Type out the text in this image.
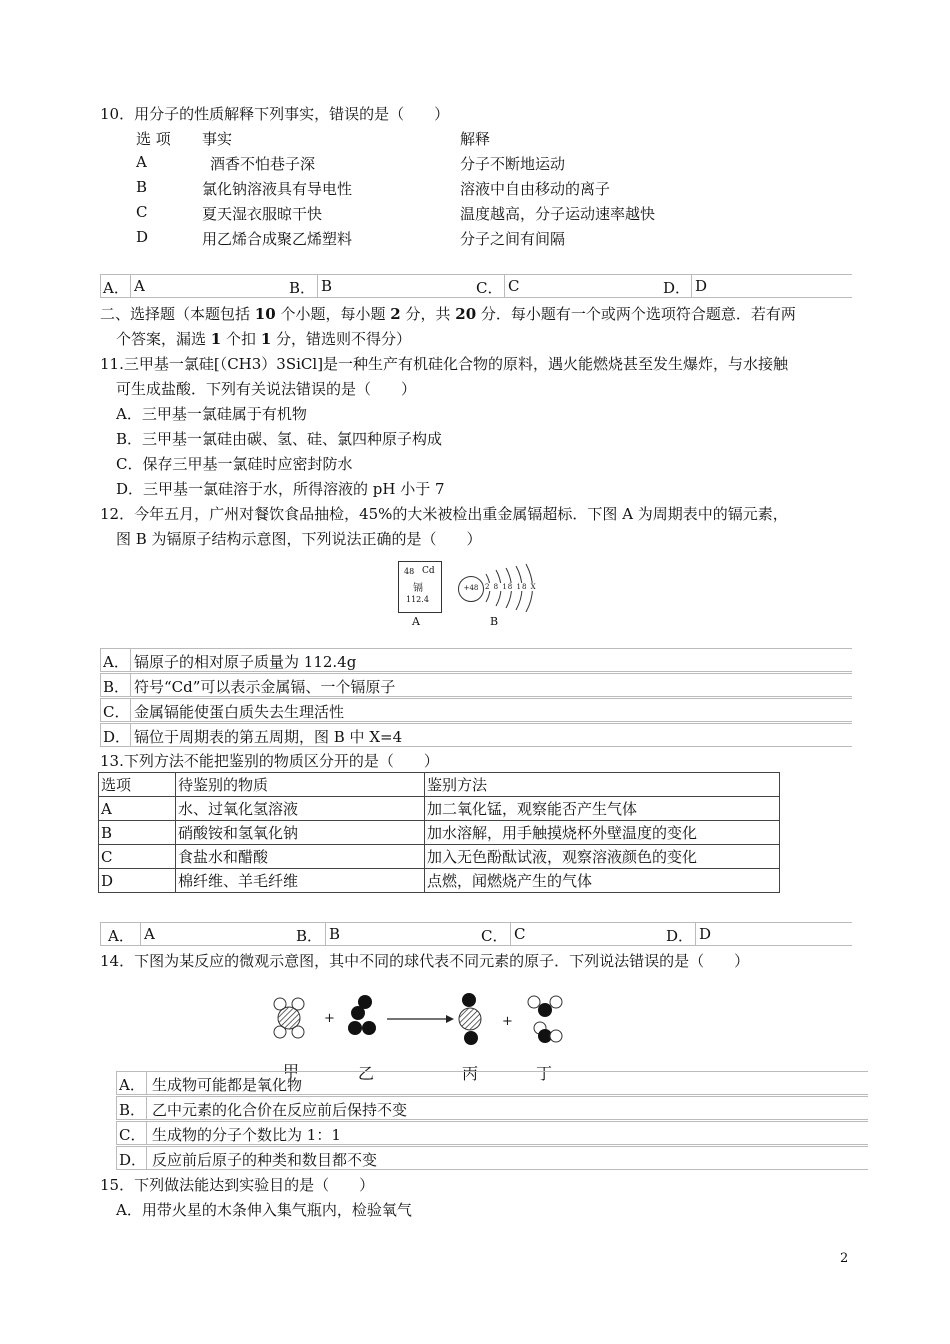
10．用分子的性质解释下列事实，错误的是（　　）
选 项 事实	解释
A	酒香不怕巷子深	分子不断地运动
B	氯化钠溶液具有导电性	溶液中自由移动的离子
C	夏天湿衣服晾干快	温度越高，分子运动速率越快
D	用乙烯合成聚乙烯塑料	分子之间有间隔
A． A	B． B	C． C	D． D
二、选择题（本题包括 10 个小题，每小题 2 分，共 20 分．每小题有一个或两个选项符合题意．若有两
个答案，漏选 1 个扣 1 分，错选则不得分）
11.三甲基一氯硅[（CH3）3SiCl]是一种生产有机硅化合物的原料，遇火能燃烧甚至发生爆炸，与水接触
可生成盐酸．下列有关说法错误的是（　　）
A．三甲基一氯硅属于有机物
B．三甲基一氯硅由碳、氢、硅、氯四种原子构成
C．保存三甲基一氯硅时应密封防水
D．三甲基一氯硅溶于水，所得溶液的 pH 小于 7
12．今年五月，广州对餐饮食品抽检，45%的大米被检出重金属镉超标．下图 A 为周期表中的镉元素，
图 B 为镉原子结构示意图，下列说法正确的是（　　）
48 Cd
镉
112.4
A
+48 2 8 18 18 X
B
A． 镉原子的相对原子质量为 112.4g
B． 符号“Cd”可以表示金属镉、一个镉原子
C． 金属镉能使蛋白质失去生理活性
D． 镉位于周期表的第五周期，图 B 中 X=4
13.下列方法不能把鉴别的物质区分开的是（　　）
选项	待鉴别的物质	鉴别方法
A	水、过氧化氢溶液	加二氧化锰，观察能否产生气体
B	硝酸铵和氢氧化钠	加水溶解，用手触摸烧杯外壁温度的变化
C	食盐水和醋酸	加入无色酚酞试液，观察溶液颜色的变化
D	棉纤维、羊毛纤维	点燃，闻燃烧产生的气体
A． A	B． B	C． C	D． D
14．下图为某反应的微观示意图，其中不同的球代表不同元素的原子．下列说法错误的是（　　）
+	+
甲	乙	丙	丁
A． 生成物可能都是氧化物
B． 乙中元素的化合价在反应前后保持不变
C． 生成物的分子个数比为 1：1
D． 反应前后原子的种类和数目都不变
15．下列做法能达到实验目的是（　　）
A．用带火星的木条伸入集气瓶内，检验氧气
2
